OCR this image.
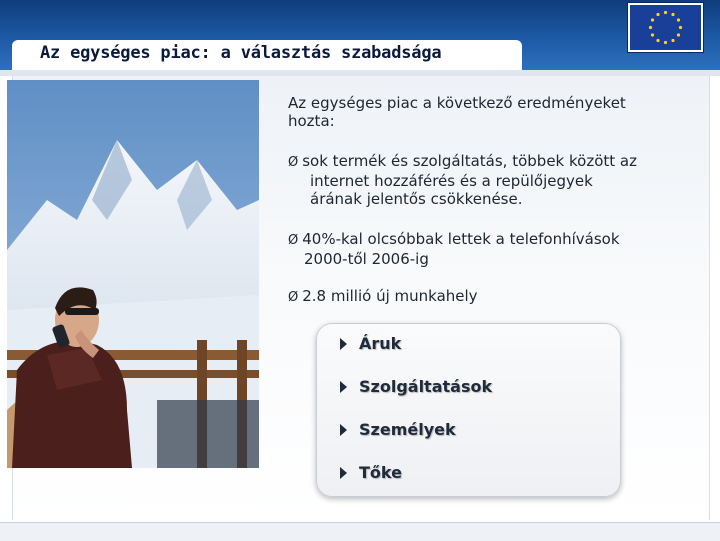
Az egységes piac: a választás szabadsága
Az egységes piac a következő eredményeket
hozta:
Ø sok termék és szolgáltatás, többek között az
internet hozzáférés és a repülőjegyek
árának jelentős csökkenése.
Ø 40%-kal olcsóbbak lettek a telefonhívások
2000-től 2006-ig
Ø 2.8 millió új munkahely
Áruk
Szolgáltatások
Személyek
Tőke
